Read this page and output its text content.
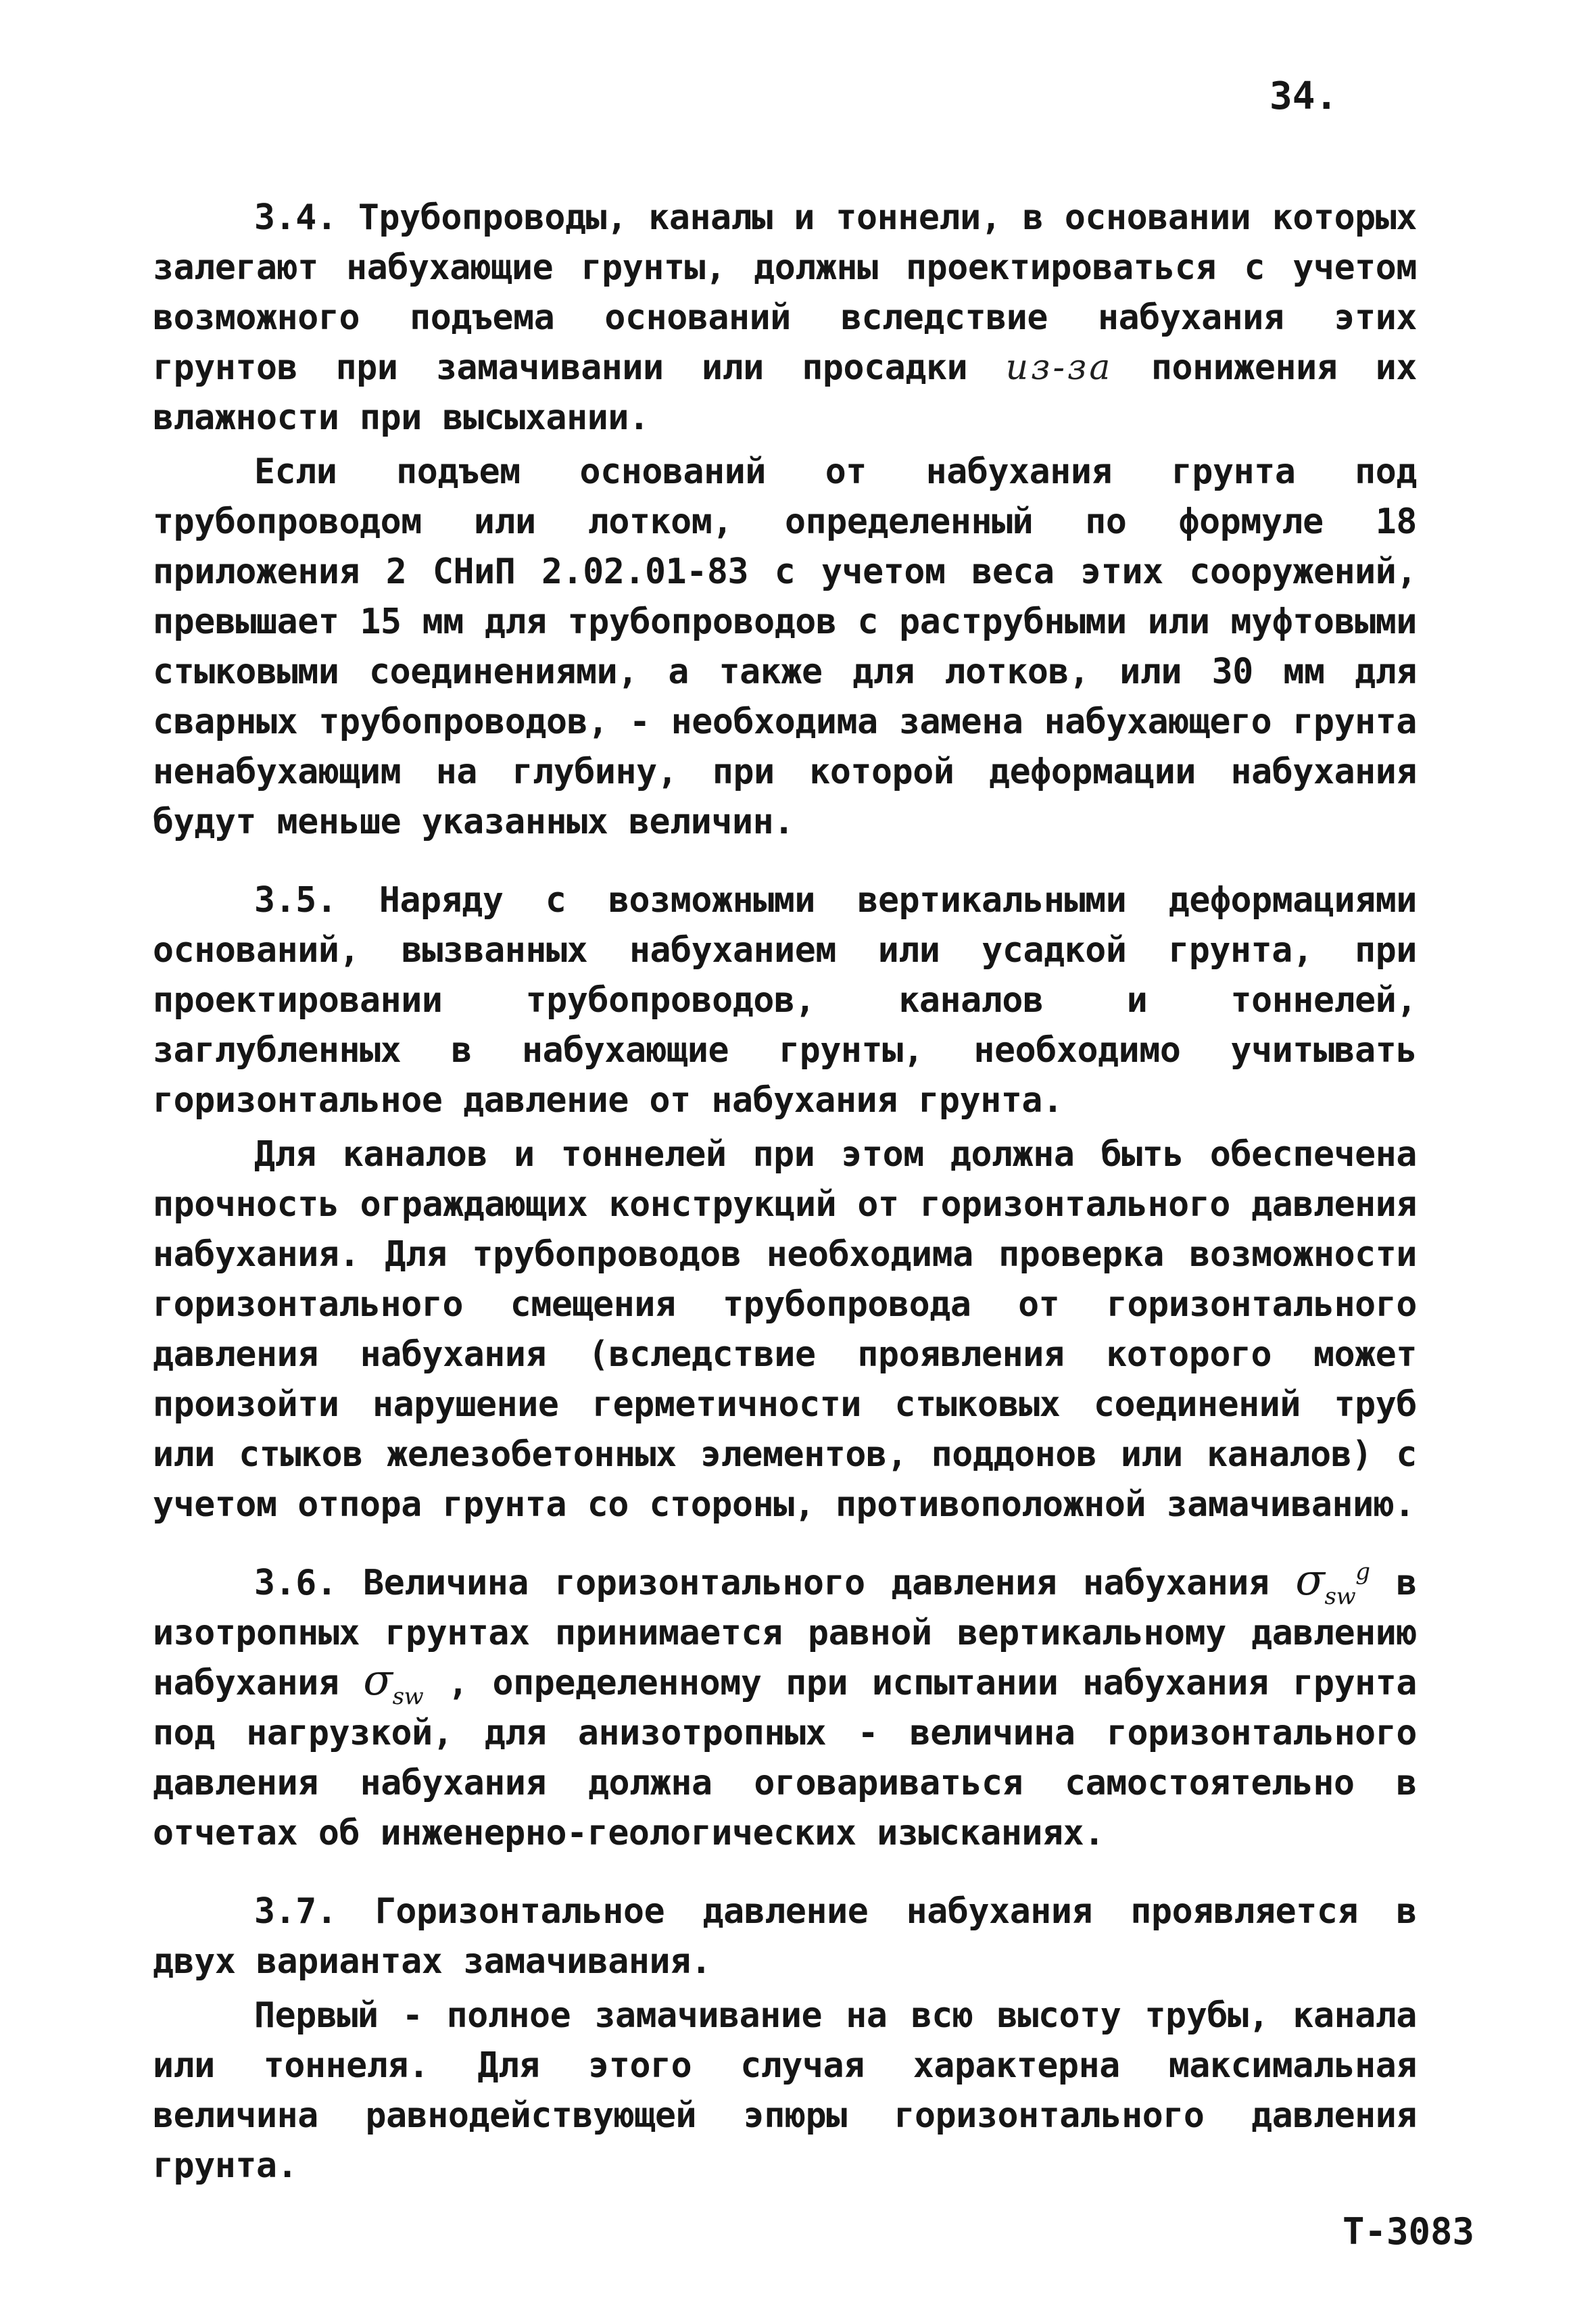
34.

3.4. Трубопроводы, каналы и тоннели, в основании которых залегают набухающие грунты, должны проектироваться с учетом возможного подъема оснований вследствие набухания этих грунтов при замачивании или просадки из-за понижения их влажности при высыхании.

Если подъем оснований от набухания грунта под трубопроводом или лотком, определенный по формуле 18 приложения 2 СНиП 2.02.01-83 с учетом веса этих сооружений, превышает 15 мм для трубопроводов с раструбными или муфтовыми стыковыми соединениями, а также для лотков, или 30 мм для сварных трубопроводов, - необходима замена набухающего грунта ненабухающим на глубину, при которой деформации набухания будут меньше указанных величин.

3.5. Наряду с возможными вертикальными деформациями оснований, вызванных набуханием или усадкой грунта, при проектировании трубопроводов, каналов и тоннелей, заглубленных в набухающие грунты, необходимо учитывать горизонтальное давление от набухания грунта.

Для каналов и тоннелей при этом должна быть обеспечена прочность ограждающих конструкций от горизонтального давления набухания. Для трубопроводов необходима проверка возможности горизонтального смещения трубопровода от горизонтального давления набухания (вследствие проявления которого может произойти нарушение герметичности стыковых соединений труб или стыков железобетонных элементов, поддонов или каналов) с учетом отпора грунта со стороны, противоположной замачиванию.

3.6. Величина горизонтального давления набухания $\sigma_{sw}^g$ в изотропных грунтах принимается равной вертикальному давлению набухания $\sigma_{sw}$ , определенному при испытании набухания грунта под нагрузкой, для анизотропных - величина горизонтального давления набухания должна оговариваться самостоятельно в отчетах об инженерно-геологических изысканиях.

3.7. Горизонтальное давление набухания проявляется в двух вариантах замачивания.

Первый - полное замачивание на всю высоту трубы, канала или тоннеля. Для этого случая характерна максимальная величина равнодействующей эпюры горизонтального давления грунта.

T-3083
